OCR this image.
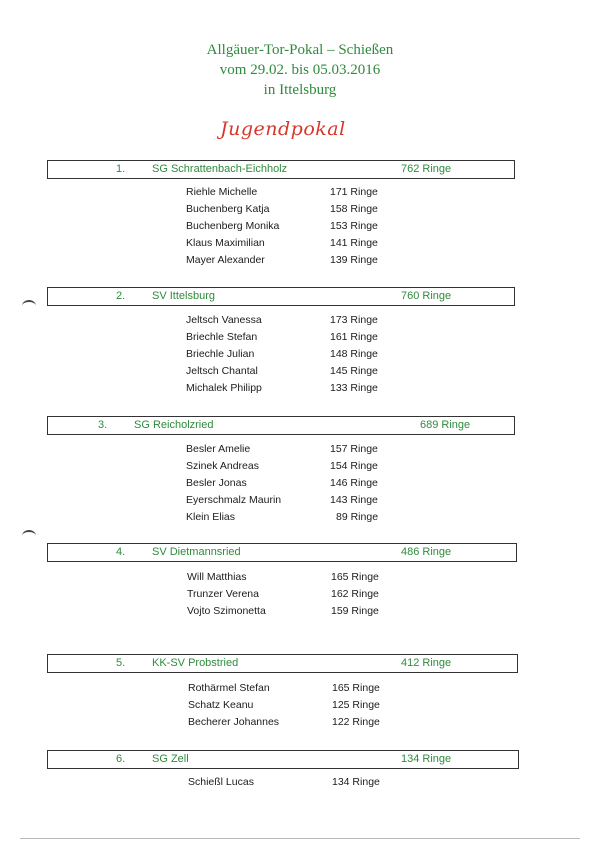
Allgäuer-Tor-Pokal – Schießen
vom 29.02. bis 05.03.2016
in Ittelsburg
Jugendpokal
1. SG Schrattenbach-Eichholz	762 Ringe
Riehle Michelle	171 Ringe
Buchenberg Katja	158 Ringe
Buchenberg Monika	153 Ringe
Klaus Maximilian	141 Ringe
Mayer Alexander	139 Ringe
2. SV Ittelsburg	760 Ringe
Jeltsch Vanessa	173 Ringe
Briechle Stefan	161 Ringe
Briechle Julian	148 Ringe
Jeltsch Chantal	145 Ringe
Michalek Philipp	133 Ringe
3. SG Reicholzried	689 Ringe
Besler Amelie	157 Ringe
Szinek Andreas	154 Ringe
Besler Jonas	146 Ringe
Eyerschmalz Maurin	143 Ringe
Klein Elias	89 Ringe
4. SV Dietmannsried	486 Ringe
Will Matthias	165 Ringe
Trunzer Verena	162 Ringe
Vojto Szimonetta	159 Ringe
5. KK-SV Probstried	412 Ringe
Rothärmel Stefan	165 Ringe
Schatz Keanu	125 Ringe
Becherer Johannes	122 Ringe
6. SG Zell	134 Ringe
Schießl Lucas	134 Ringe
